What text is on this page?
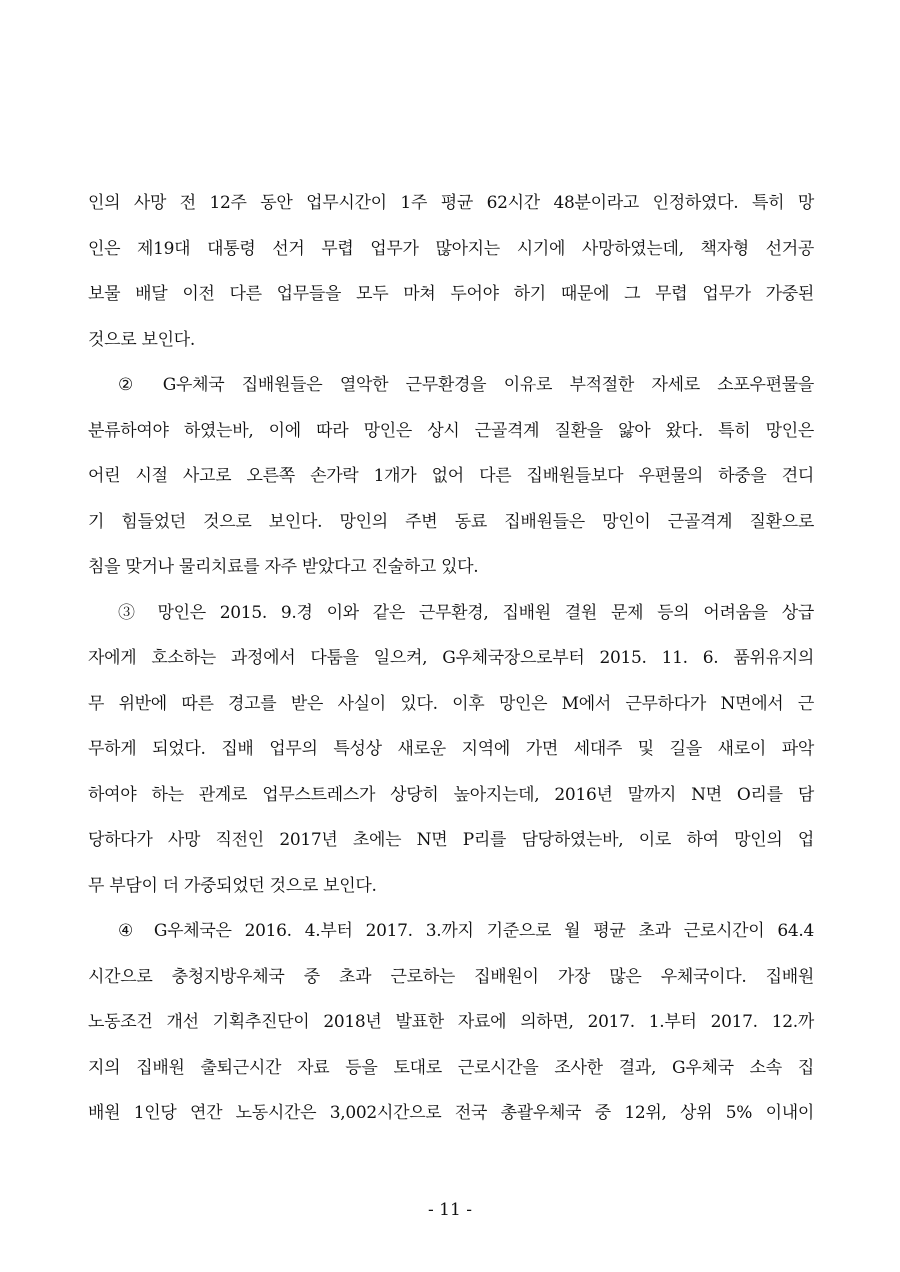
인의 사망 전 12주 동안 업무시간이 1주 평균 62시간 48분이라고 인정하였다. 특히 망
인은 제19대 대통령 선거 무렵 업무가 많아지는 시기에 사망하였는데, 책자형 선거공
보물 배달 이전 다른 업무들을 모두 마쳐 두어야 하기 때문에 그 무렵 업무가 가중된
것으로 보인다.
② G우체국 집배원들은 열악한 근무환경을 이유로 부적절한 자세로 소포우편물을
분류하여야 하였는바, 이에 따라 망인은 상시 근골격계 질환을 앓아 왔다. 특히 망인은
어린 시절 사고로 오른쪽 손가락 1개가 없어 다른 집배원들보다 우편물의 하중을 견디
기 힘들었던 것으로 보인다. 망인의 주변 동료 집배원들은 망인이 근골격계 질환으로
침을 맞거나 물리치료를 자주 받았다고 진술하고 있다.
③ 망인은 2015. 9.경 이와 같은 근무환경, 집배원 결원 문제 등의 어려움을 상급
자에게 호소하는 과정에서 다툼을 일으켜, G우체국장으로부터 2015. 11. 6. 품위유지의
무 위반에 따른 경고를 받은 사실이 있다. 이후 망인은 M에서 근무하다가 N면에서 근
무하게 되었다. 집배 업무의 특성상 새로운 지역에 가면 세대주 및 길을 새로이 파악
하여야 하는 관계로 업무스트레스가 상당히 높아지는데, 2016년 말까지 N면 O리를 담
당하다가 사망 직전인 2017년 초에는 N면 P리를 담당하였는바, 이로 하여 망인의 업
무 부담이 더 가중되었던 것으로 보인다.
④ G우체국은 2016. 4.부터 2017. 3.까지 기준으로 월 평균 초과 근로시간이 64.4
시간으로 충청지방우체국 중 초과 근로하는 집배원이 가장 많은 우체국이다. 집배원
노동조건 개선 기획추진단이 2018년 발표한 자료에 의하면, 2017. 1.부터 2017. 12.까
지의 집배원 출퇴근시간 자료 등을 토대로 근로시간을 조사한 결과, G우체국 소속 집
배원 1인당 연간 노동시간은 3,002시간으로 전국 총괄우체국 중 12위, 상위 5% 이내이
- 11 -
